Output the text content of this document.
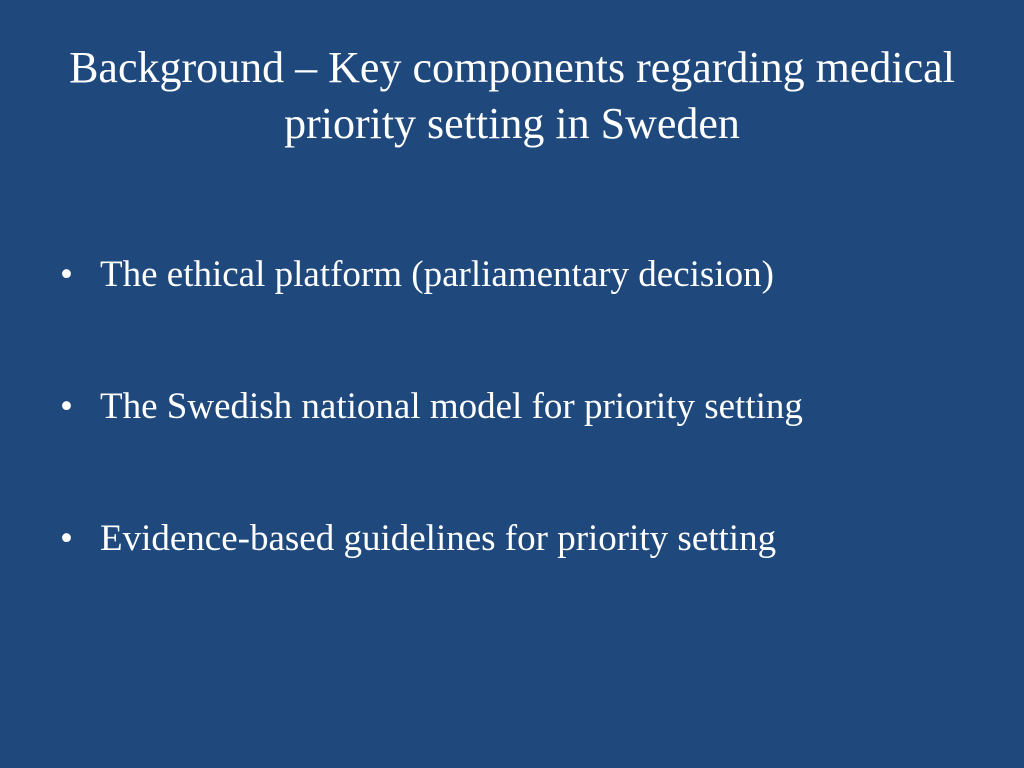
Background – Key components regarding medical priority setting in Sweden
• The ethical platform (parliamentary decision)
• The Swedish national model for priority setting
• Evidence-based guidelines for priority setting
